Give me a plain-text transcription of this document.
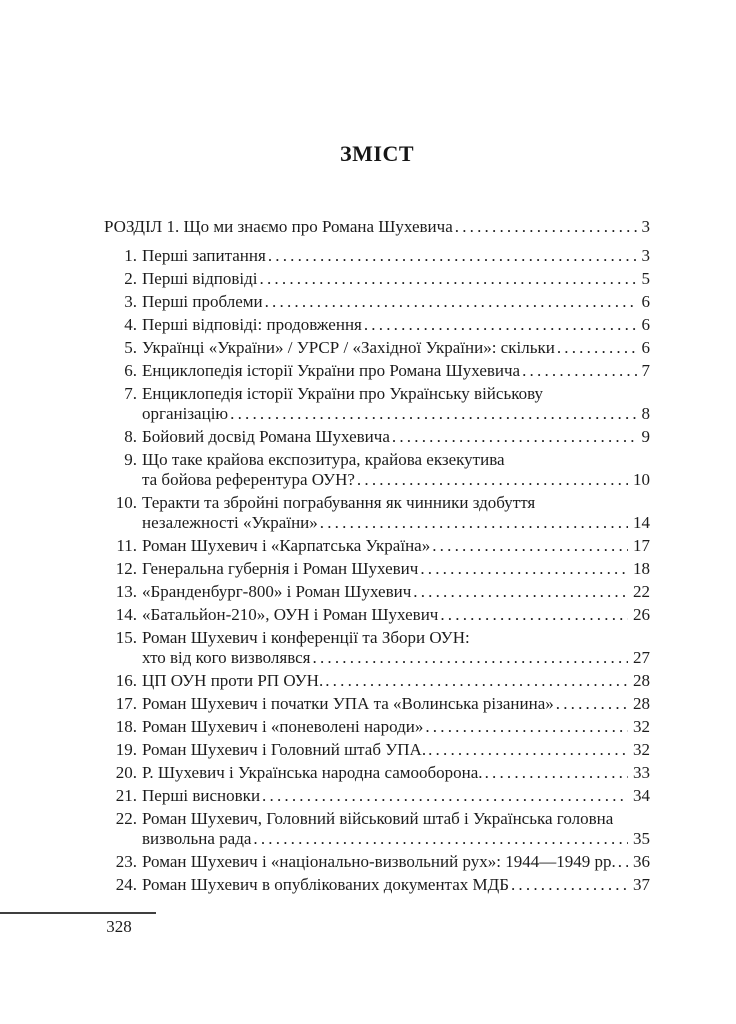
ЗМІСТ
РОЗДІЛ 1. Що ми знаємо про Романа Шухевича .....	3
1. Перші запитання .....	3
2. Перші відповіді .....	5
3. Перші проблеми .....	6
4. Перші відповіді: продовження .....	6
5. Українці «України» / УРСР / «Західної України»: скільки .....	6
6. Енциклопедія історії України про Романа Шухевича .....	7
7. Енциклопедія історії України про Українську військову
організацію .....	8
8. Бойовий досвід Романа Шухевича .....	9
9. Що таке крайова експозитура, крайова екзекутива
та бойова референтура ОУН? .....	10
10. Теракти та збройні пограбування як чинники здобуття
незалежності «України» .....	14
11. Роман Шухевич і «Карпатська Україна» .....	17
12. Генеральна губернія і Роман Шухевич .....	18
13. «Бранденбург-800» і Роман Шухевич .....	22
14. «Батальйон-210», ОУН і Роман Шухевич .....	26
15. Роман Шухевич і конференції та Збори ОУН:
хто від кого визволявся .....	27
16. ЦП ОУН проти РП ОУН. .....	28
17. Роман Шухевич і початки УПА та «Волинська різанина» .....	28
18. Роман Шухевич і «поневолені народи» .....	32
19. Роман Шухевич і Головний штаб УПА. .....	32
20. Р. Шухевич і Українська народна самооборона. .....	33
21. Перші висновки .....	34
22. Роман Шухевич, Головний військовий штаб і Українська головна
визвольна рада .....	35
23. Роман Шухевич і «національно-визвольний рух»: 1944—1949 рр. ..... 36
24. Роман Шухевич в опублікованих документах МДБ .....	37
328
